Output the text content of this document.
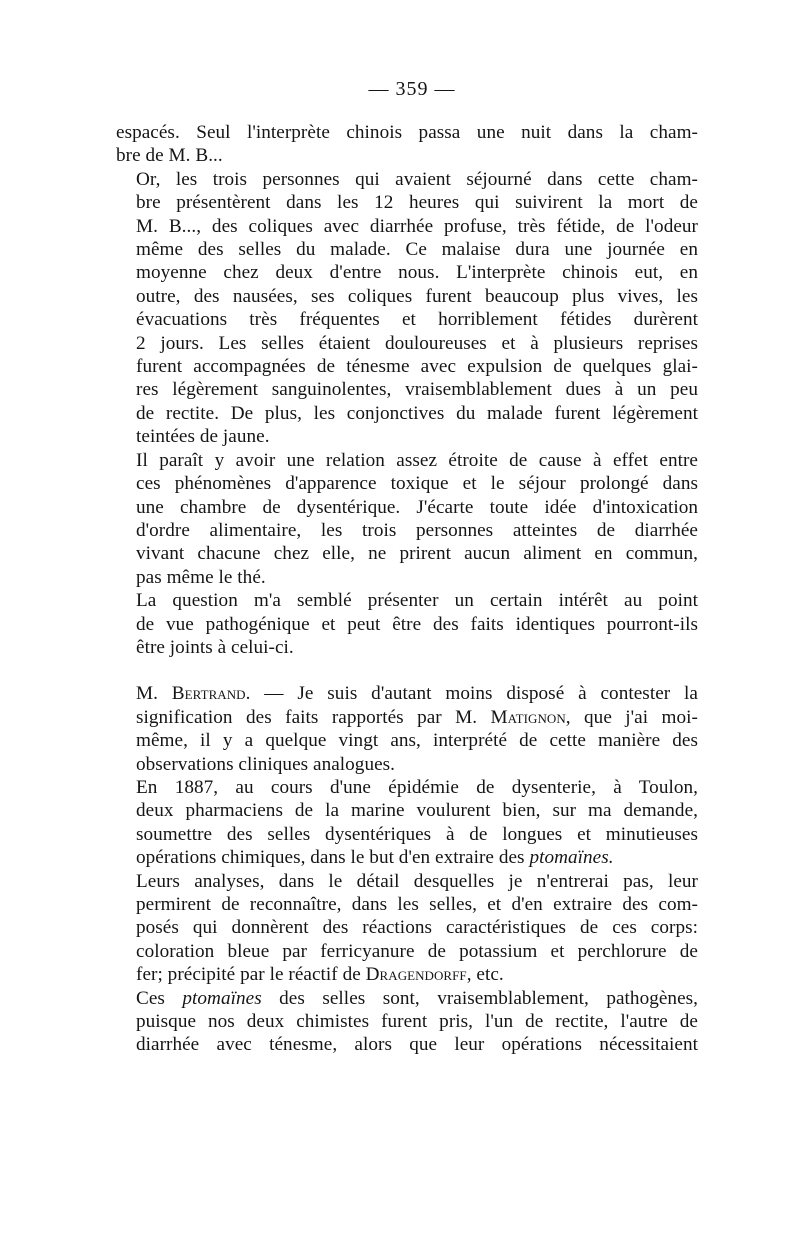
— 359 —

espacés. Seul l'interprète chinois passa une nuit dans la cham-
bre de M. B...

Or, les trois personnes qui avaient séjourné dans cette cham-
bre présentèrent dans les 12 heures qui suivirent la mort de
M. B..., des coliques avec diarrhée profuse, très fétide, de l'odeur
même des selles du malade. Ce malaise dura une journée en
moyenne chez deux d'entre nous. L'interprète chinois eut, en
outre, des nausées, ses coliques furent beaucoup plus vives, les
évacuations très fréquentes et horriblement fétides durèrent
2 jours. Les selles étaient douloureuses et à plusieurs reprises
furent accompagnées de ténesme avec expulsion de quelques glai-
res légèrement sanguinolentes, vraisemblablement dues à un peu
de rectite. De plus, les conjonctives du malade furent légèrement
teintées de jaune.

Il paraît y avoir une relation assez étroite de cause à effet entre
ces phénomènes d'apparence toxique et le séjour prolongé dans
une chambre de dysentérique. J'écarte toute idée d'intoxication
d'ordre alimentaire, les trois personnes atteintes de diarrhée
vivant chacune chez elle, ne prirent aucun aliment en commun,
pas même le thé.

La question m'a semblé présenter un certain intérêt au point
de vue pathogénique et peut être des faits identiques pourront-ils
être joints à celui-ci.

M. Bertrand. — Je suis d'autant moins disposé à contester la
signification des faits rapportés par M. Matignon, que j'ai moi-
même, il y a quelque vingt ans, interprété de cette manière des
observations cliniques analogues.

En 1887, au cours d'une épidémie de dysenterie, à Toulon,
deux pharmaciens de la marine voulurent bien, sur ma demande,
soumettre des selles dysentériques à de longues et minutieuses
opérations chimiques, dans le but d'en extraire des ptomaïnes.

Leurs analyses, dans le détail desquelles je n'entrerai pas, leur
permirent de reconnaître, dans les selles, et d'en extraire des com-
posés qui donnèrent des réactions caractéristiques de ces corps:
coloration bleue par ferricyanure de potassium et perchlorure de
fer; précipité par le réactif de Dragendorff, etc.

Ces ptomaïnes des selles sont, vraisemblablement, pathogènes,
puisque nos deux chimistes furent pris, l'un de rectite, l'autre de
diarrhée avec ténesme, alors que leur opérations nécessitaient
